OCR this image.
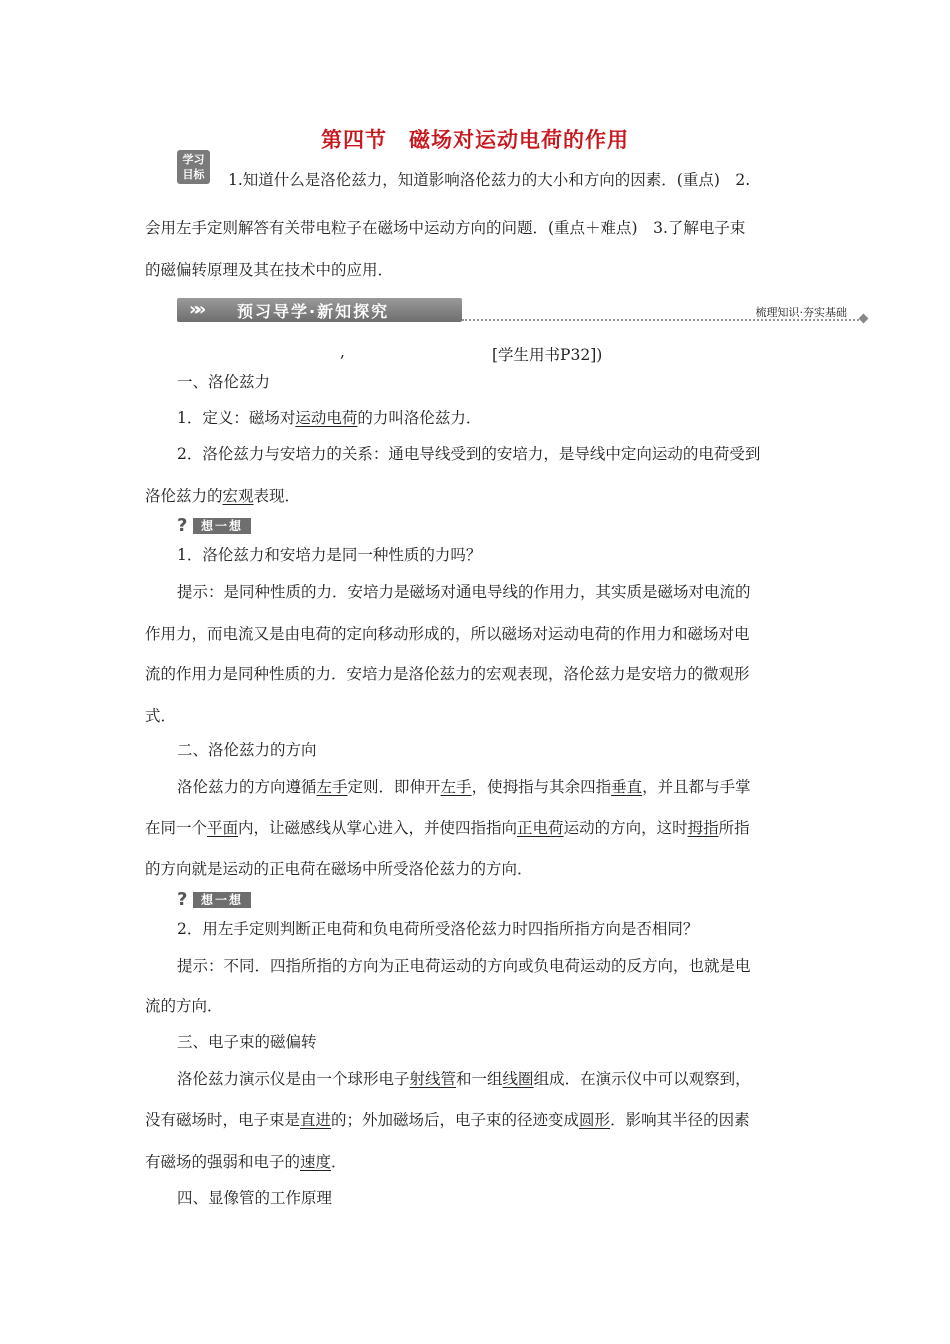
第四节 磁场对运动电荷的作用
学习
目标	1.知道什么是洛伦兹力，知道影响洛伦兹力的大小和方向的因素．(重点)　2.
会用左手定则解答有关带电粒子在磁场中运动方向的问题．(重点＋难点)　3.了解电子束
的磁偏转原理及其在技术中的应用．
»» 预习导学·新知探究	梳理知识·夯实基础
,	[学生用书P32])
一、洛伦兹力
1．定义：磁场对运动电荷的力叫洛伦兹力．
2．洛伦兹力与安培力的关系：通电导线受到的安培力，是导线中定向运动的电荷受到
洛伦兹力的宏观表现．
?	想一想
1．洛伦兹力和安培力是同一种性质的力吗？
提示：是同种性质的力．安培力是磁场对通电导线的作用力，其实质是磁场对电流的
作用力，而电流又是由电荷的定向移动形成的，所以磁场对运动电荷的作用力和磁场对电
流的作用力是同种性质的力．安培力是洛伦兹力的宏观表现，洛伦兹力是安培力的微观形
式．
二、洛伦兹力的方向
洛伦兹力的方向遵循左手定则．即伸开左手，使拇指与其余四指垂直，并且都与手掌
在同一个平面内，让磁感线从掌心进入，并使四指指向正电荷运动的方向，这时拇指所指
的方向就是运动的正电荷在磁场中所受洛伦兹力的方向．
?	想一想
2．用左手定则判断正电荷和负电荷所受洛伦兹力时四指所指方向是否相同？
提示：不同．四指所指的方向为正电荷运动的方向或负电荷运动的反方向，也就是电
流的方向．
三、电子束的磁偏转
洛伦兹力演示仪是由一个球形电子射线管和一组线圈组成．在演示仪中可以观察到，
没有磁场时，电子束是直进的；外加磁场后，电子束的径迹变成圆形．影响其半径的因素
有磁场的强弱和电子的速度．
四、显像管的工作原理
